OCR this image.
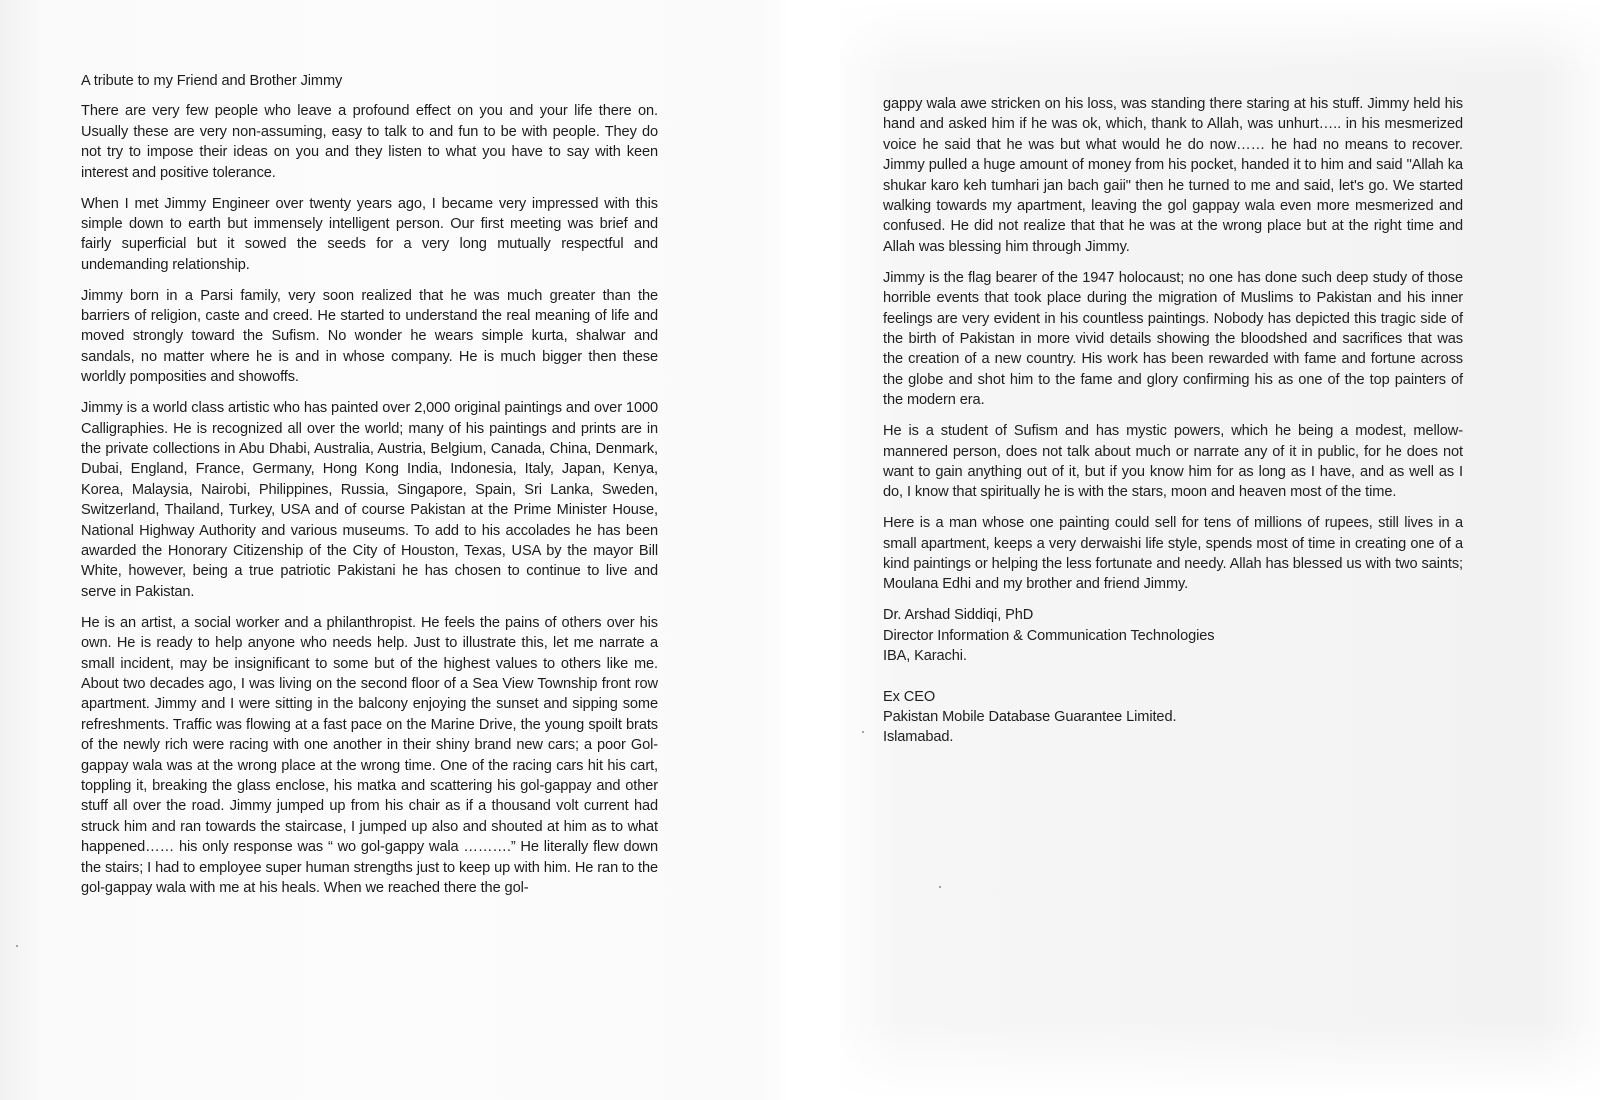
A tribute to my Friend and Brother Jimmy

There are very few people who leave a profound effect on you and your life there on. Usually these are very non-assuming, easy to talk to and fun to be with people. They do not try to impose their ideas on you and they listen to what you have to say with keen interest and positive tolerance.

When I met Jimmy Engineer over twenty years ago, I became very impressed with this simple down to earth but immensely intelligent person. Our first meeting was brief and fairly superficial but it sowed the seeds for a very long mutually respectful and undemanding relationship.

Jimmy born in a Parsi family, very soon realized that he was much greater than the barriers of religion, caste and creed. He started to understand the real meaning of life and moved strongly toward the Sufism. No wonder he wears simple kurta, shalwar and sandals, no matter where he is and in whose company. He is much bigger then these worldly pomposities and showoffs.

Jimmy is a world class artistic who has painted over 2,000 original paintings and over 1000 Calligraphies. He is recognized all over the world; many of his paintings and prints are in the private collections in Abu Dhabi, Australia, Austria, Belgium, Canada, China, Denmark, Dubai, England, France, Germany, Hong Kong India, Indonesia, Italy, Japan, Kenya, Korea, Malaysia, Nairobi, Philippines, Russia, Singapore, Spain, Sri Lanka, Sweden, Switzerland, Thailand, Turkey, USA and of course Pakistan at the Prime Minister House, National Highway Authority and various museums. To add to his accolades he has been awarded the Honorary Citizenship of the City of Houston, Texas, USA by the mayor Bill White, however, being a true patriotic Pakistani he has chosen to continue to live and serve in Pakistan.

He is an artist, a social worker and a philanthropist. He feels the pains of others over his own. He is ready to help anyone who needs help. Just to illustrate this, let me narrate a small incident, may be insignificant to some but of the highest values to others like me. About two decades ago, I was living on the second floor of a Sea View Township front row apartment. Jimmy and I were sitting in the balcony enjoying the sunset and sipping some refreshments. Traffic was flowing at a fast pace on the Marine Drive, the young spoilt brats of the newly rich were racing with one another in their shiny brand new cars; a poor Gol-gappay wala was at the wrong place at the wrong time. One of the racing cars hit his cart, toppling it, breaking the glass enclose, his matka and scattering his gol-gappay and other stuff all over the road. Jimmy jumped up from his chair as if a thousand volt current had struck him and ran towards the staircase, I jumped up also and shouted at him as to what happened…… his only response was “ wo gol-gappy wala ……….” He literally flew down the stairs; I had to employee super human strengths just to keep up with him. He ran to the gol-gappay wala with me at his heals. When we reached there the gol-

gappy wala awe stricken on his loss, was standing there staring at his stuff. Jimmy held his hand and asked him if he was ok, which, thank to Allah, was unhurt….. in his mesmerized voice he said that he was but what would he do now…… he had no means to recover. Jimmy pulled a huge amount of money from his pocket, handed it to him and said "Allah ka shukar karo keh tumhari jan bach gaii" then he turned to me and said, let's go. We started walking towards my apartment, leaving the gol gappay wala even more mesmerized and confused. He did not realize that that he was at the wrong place but at the right time and Allah was blessing him through Jimmy.

Jimmy is the flag bearer of the 1947 holocaust; no one has done such deep study of those horrible events that took place during the migration of Muslims to Pakistan and his inner feelings are very evident in his countless paintings. Nobody has depicted this tragic side of the birth of Pakistan in more vivid details showing the bloodshed and sacrifices that was the creation of a new country. His work has been rewarded with fame and fortune across the globe and shot him to the fame and glory confirming his as one of the top painters of the modern era.

He is a student of Sufism and has mystic powers, which he being a modest, mellow-mannered person, does not talk about much or narrate any of it in public, for he does not want to gain anything out of it, but if you know him for as long as I have, and as well as I do, I know that spiritually he is with the stars, moon and heaven most of the time.

Here is a man whose one painting could sell for tens of millions of rupees, still lives in a small apartment, keeps a very derwaishi life style, spends most of time in creating one of a kind paintings or helping the less fortunate and needy. Allah has blessed us with two saints; Moulana Edhi and my brother and friend Jimmy.

Dr. Arshad Siddiqi, PhD
Director Information & Communication Technologies
IBA, Karachi.
Ex CEO
Pakistan Mobile Database Guarantee Limited.
Islamabad.
